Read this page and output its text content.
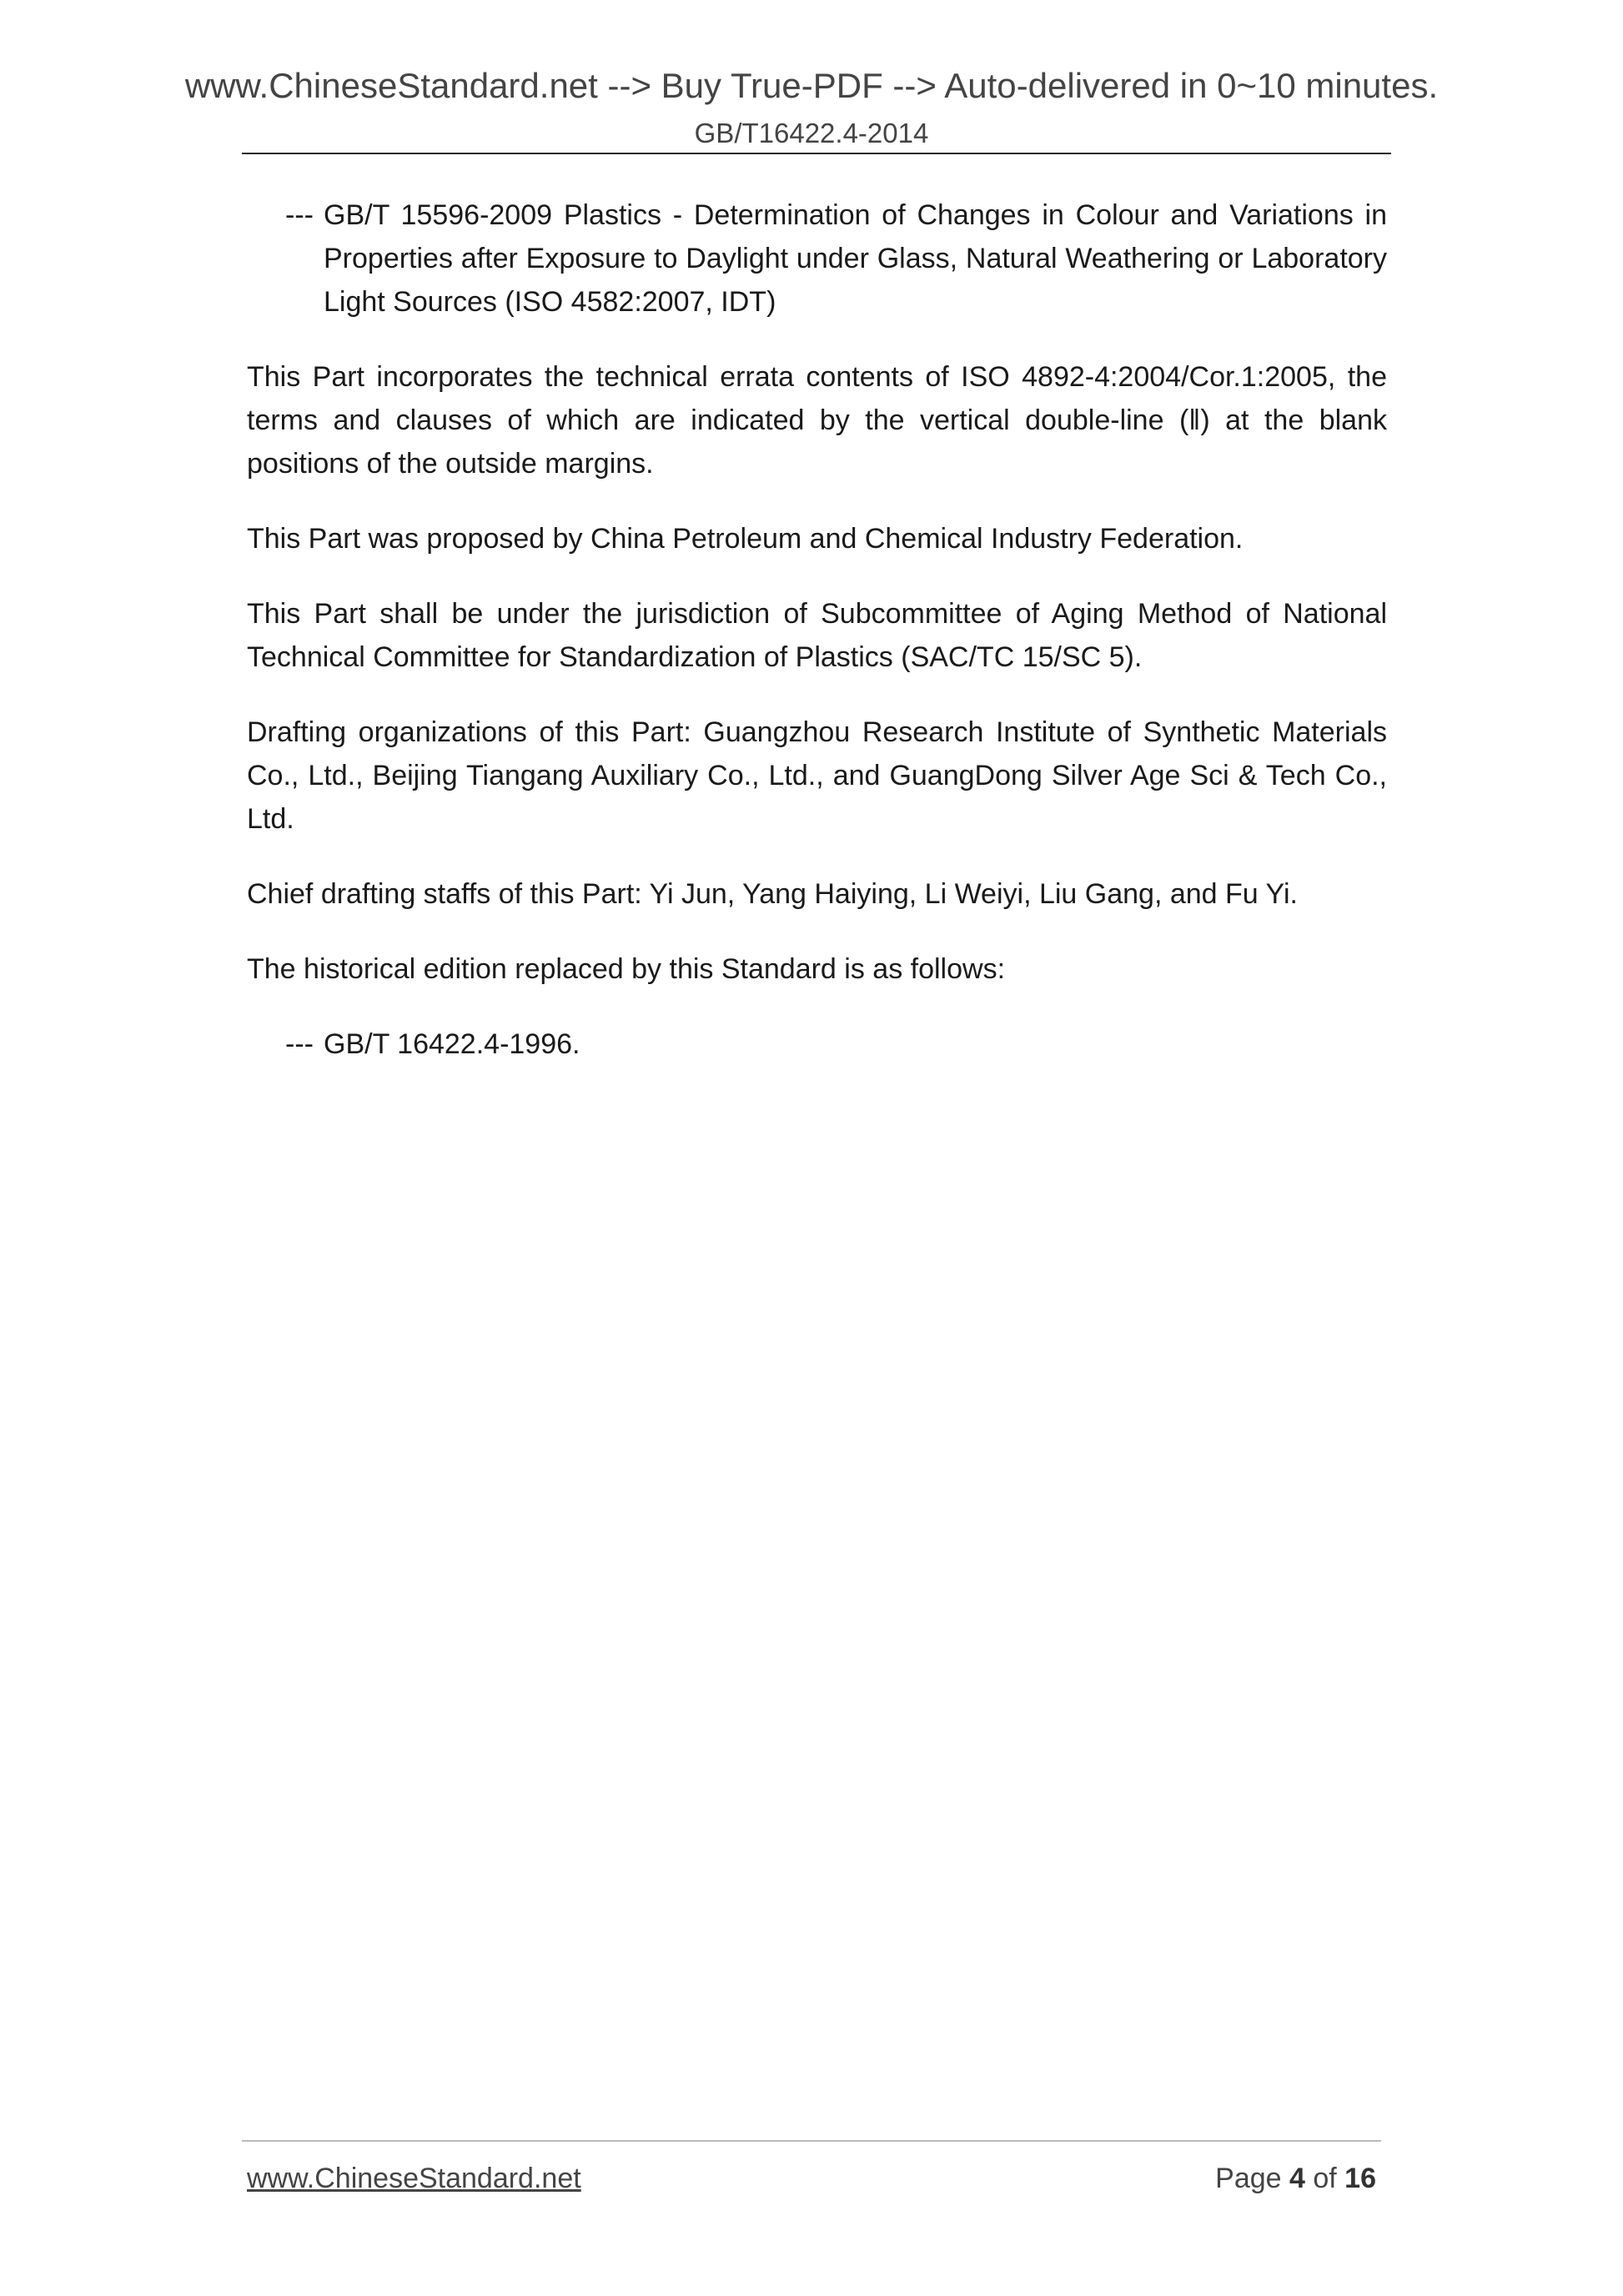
www.ChineseStandard.net --> Buy True-PDF --> Auto-delivered in 0~10 minutes.
GB/T16422.4-2014
--- GB/T 15596-2009 Plastics - Determination of Changes in Colour and Variations in Properties after Exposure to Daylight under Glass, Natural Weathering or Laboratory Light Sources (ISO 4582:2007, IDT)

This Part incorporates the technical errata contents of ISO 4892-4:2004/Cor.1:2005, the terms and clauses of which are indicated by the vertical double-line (‖) at the blank positions of the outside margins.

This Part was proposed by China Petroleum and Chemical Industry Federation.

This Part shall be under the jurisdiction of Subcommittee of Aging Method of National Technical Committee for Standardization of Plastics (SAC/TC 15/SC 5).

Drafting organizations of this Part: Guangzhou Research Institute of Synthetic Materials Co., Ltd., Beijing Tiangang Auxiliary Co., Ltd., and GuangDong Silver Age Sci & Tech Co., Ltd.

Chief drafting staffs of this Part: Yi Jun, Yang Haiying, Li Weiyi, Liu Gang, and Fu Yi.

The historical edition replaced by this Standard is as follows:

--- GB/T 16422.4-1996.
www.ChineseStandard.net	Page 4 of 16
